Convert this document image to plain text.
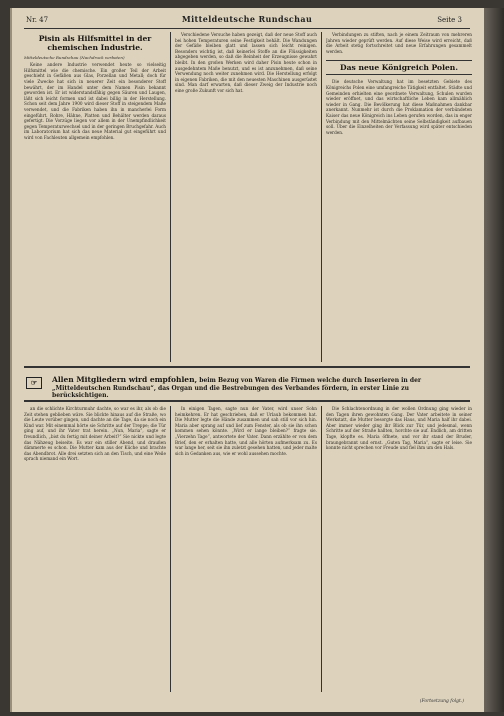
Nr. 47	Mitteldeutsche Rundschau	Seite 3
Pisin als Hilfsmittel in der chemischen Industrie.
Mitteldeutsche Rundschau (Nachdruck verboten)

Keine andere Industrie verwendet heute so vielseitig Hilfsmittel wie die chemische. Ein großer Teil der Arbeit geschieht in Gefäßen aus Glas, Porzellan und Metall; doch für viele Zwecke hat sich in neuerer Zeit ein besonderer Stoff bewährt, der im Handel unter dem Namen Pisin bekannt geworden ist. Er ist widerstandsfähig gegen Säuren und Laugen, läßt sich leicht formen und ist dabei billig in der Herstellung. Schon seit dem Jahre 1900 wird dieser Stoff in steigendem Maße verwendet, und die Fabriken haben ihn in mancherlei Form eingeführt. Rohre, Hähne, Platten und Behälter werden daraus gefertigt. Die Vorzüge liegen vor allem in der Unempfindlichkeit gegen Temperaturwechsel und in der geringen Bruchgefahr. Auch im Laboratorium hat sich das neue Material gut eingeführt und wird von Fachleuten allgemein empfohlen.

Verschiedene Versuche haben gezeigt, daß der neue Stoff auch bei hohen Temperaturen seine Festigkeit behält. Die Wandungen der Gefäße bleiben glatt und lassen sich leicht reinigen. Besonders wichtig ist, daß keinerlei Stoffe an die Flüssigkeiten abgegeben werden, so daß die Reinheit der Erzeugnisse gewahrt bleibt. In den großen Werken wird daher Pisin heute schon in ausgedehntem Maße benutzt, und es ist anzunehmen, daß seine Verwendung noch weiter zunehmen wird. Die Herstellung erfolgt in eigenen Fabriken, die mit den neuesten Maschinen ausgerüstet sind. Man darf erwarten, daß dieser Zweig der Industrie noch eine große Zukunft vor sich hat.

Verbindungen zu stiften, nach je einem Zeitraum von mehreren Jahren wieder geprüft werden. Auf diese Weise wird erreicht, daß die Arbeit stetig fortschreitet und neue Erfahrungen gesammelt werden.

Das neue Königreich Polen.

Die deutsche Verwaltung hat im besetzten Gebiete des Königreichs Polen eine umfangreiche Tätigkeit entfaltet. Städte und Gemeinden erhielten eine geordnete Verwaltung, Schulen wurden wieder eröffnet, und das wirtschaftliche Leben kam allmählich wieder in Gang. Die Bevölkerung hat diese Maßnahmen dankbar anerkannt. Nunmehr ist durch die Proklamation der verbündeten Kaiser das neue Königreich ins Leben gerufen worden, das in enger Verbindung mit den Mittelmächten seine Selbständigkeit aufbauen soll. Über die Einzelheiten der Verfassung wird später entschieden werden.

☞	Allen Mitgliedern wird empfohlen, beim Bezug von Waren die Firmen welche durch Inserieren in der „Mitteldeutschen Rundschau“, das Organ und die Bestrebungen des Verbandes fördern, in erster Linie zu berücksichtigen.

an die schlichte Kirchturmuhr dachte, so war es ihr, als ob die Zeit stehen geblieben wäre. Sie blickte hinaus auf die Straße, wo die Leute vorüber gingen, und dachte an die Tage, da sie noch ein Kind war. Mit einemmal hörte sie Schritte auf der Treppe; die Tür ging auf, und ihr Vater trat herein. „Nun, Maria“, sagte er freundlich, „bist du fertig mit deiner Arbeit?“ Sie nickte und legte das Nähzeug beiseite. Es war ein stiller Abend, und draußen dämmerte es schon. Die Mutter kam aus der Küche und brachte das Abendbrot. Alle drei setzten sich an den Tisch, und eine Weile sprach niemand ein Wort.

In einigen Tagen, sagte nun der Vater, wird unser Sohn heimkehren. Er hat geschrieben, daß er Urlaub bekommen hat. Die Mutter legte die Hände zusammen und sah still vor sich hin. Maria aber sprang auf und lief zum Fenster, als ob sie ihn schon kommen sehen könnte. „Wird er lange bleiben?“ fragte sie. „Vierzehn Tage“, antwortete der Vater. Dann erzählte er von dem Brief, den er erhalten hatte, und alle hörten aufmerksam zu. Es war lange her, seit sie ihn zuletzt gesehen hatten, und jeder malte sich in Gedanken aus, wie er wohl aussehen mochte.

Die Schlachtenordnung in der wollen Ordnung ging wieder in den Tagen ihren gewohnten Gang. Der Vater arbeitete in seiner Werkstatt, die Mutter besorgte das Haus, und Maria half ihr dabei. Aber immer wieder ging ihr Blick zur Tür, und jedesmal, wenn Schritte auf der Straße hallten, horchte sie auf. Endlich, am dritten Tage, klopfte es. Maria öffnete, und vor ihr stand der Bruder, braungebrannt und ernst. „Guten Tag, Maria“, sagte er leise. Sie konnte nicht sprechen vor Freude und fiel ihm um den Hals.

(Fortsetzung folgt.)
